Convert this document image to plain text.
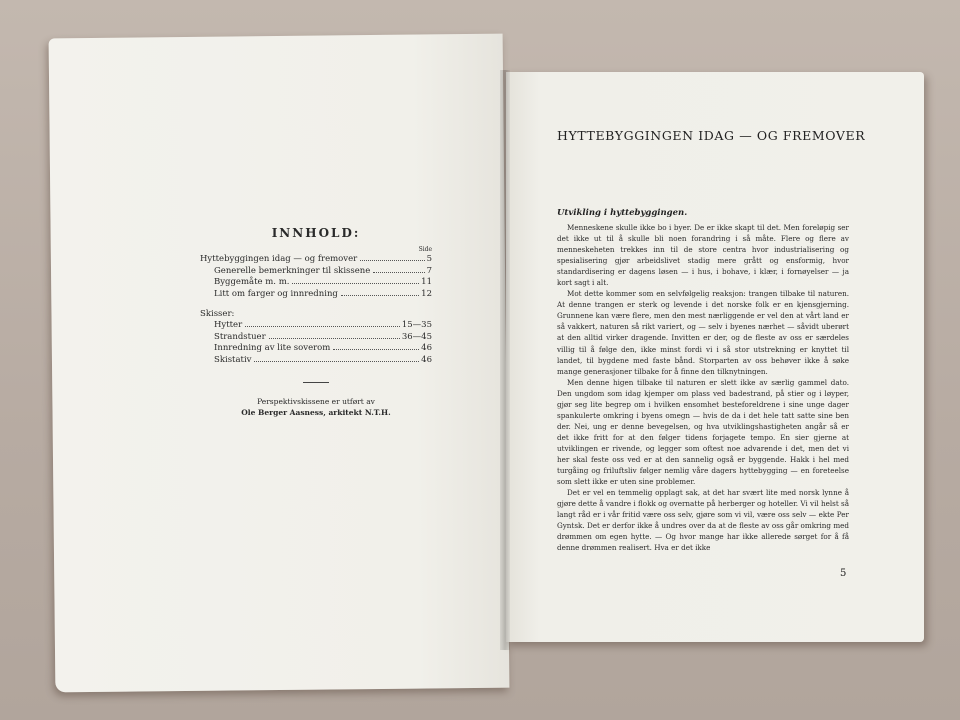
INNHOLD:
Side
Hyttebyggingen idag — og fremover	5
Generelle bemerkninger til skissene	7
Byggemåte m. m.	11
Litt om farger og innredning	12
Skisser:
Hytter	15—35
Strandstuer	36—45
Innredning av lite soverom	46
Skistativ	46
Perspektivskissene er utført av
Ole Berger Aasness, arkitekt N.T.H.
HYTTEBYGGINGEN IDAG — OG FREMOVER
Utvikling i hyttebyggingen.

Menneskene skulle ikke bo i byer. De er ikke skapt til det. Men foreløpig ser det ikke ut til å skulle bli noen forandring i så måte. Flere og flere av menneskeheten trekkes inn til de store centra hvor industrialisering og spesialisering gjør arbeidslivet stadig mere grått og ensformig, hvor standardisering er dagens løsen — i hus, i bohave, i klær, i fornøyelser — ja kort sagt i alt.

Mot dette kommer som en selvfølgelig reaksjon: trangen tilbake til naturen. At denne trangen er sterk og levende i det norske folk er en kjensgjerning. Grunnene kan være flere, men den mest nærliggende er vel den at vårt land er så vakkert, naturen så rikt variert, og — selv i byenes nærhet — såvidt uberørt at den alltid virker dragende. Invitten er der, og de fleste av oss er særdeles villig til å følge den, ikke minst fordi vi i så stor utstrekning er knyttet til landet, til bygdene med faste bånd. Storparten av oss behøver ikke å søke mange generasjoner tilbake for å finne den tilknytningen.

Men denne higen tilbake til naturen er slett ikke av særlig gammel dato. Den ungdom som idag kjemper om plass ved badestrand, på stier og i løyper, gjør seg lite begrep om i hvilken ensomhet besteforeldrene i sine unge dager spankulerte omkring i byens omegn — hvis de da i det hele tatt satte sine ben der. Nei, ung er denne bevegelsen, og hva utviklingshastigheten angår så er det ikke fritt for at den følger tidens forjagete tempo. En sier gjerne at utviklingen er rivende, og legger som oftest noe advarende i det, men det vi her skal feste oss ved er at den sannelig også er byggende. Hakk i hel med turgåing og friluftsliv følger nemlig våre dagers hyttebygging — en foreteelse som slett ikke er uten sine problemer.

Det er vel en temmelig opplagt sak, at det har svært lite med norsk lynne å gjøre dette å vandre i flokk og overnatte på herberger og hoteller. Vi vil helst så langt råd er i vår fritid være oss selv, gjøre som vi vil, være oss selv — ekte Per Gyntsk. Det er derfor ikke å undres over da at de fleste av oss går omkring med drømmen om egen hytte. — Og hvor mange har ikke allerede sørget for å få denne drømmen realisert. Hva er det ikke

5
